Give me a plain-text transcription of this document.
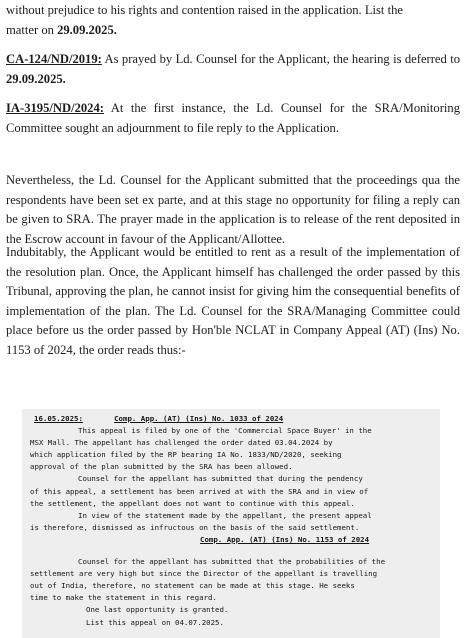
without prejudice to his rights and contention raised in the application. List the
matter on 29.09.2025.

CA-124/ND/2019: As prayed by Ld. Counsel for the Applicant, the hearing is deferred to 29.09.2025.

IA-3195/ND/2024: At the first instance, the Ld. Counsel for the SRA/Monitoring Committee sought an adjournment to file reply to the Application.

Nevertheless, the Ld. Counsel for the Applicant submitted that the proceedings qua the respondents have been set ex parte, and at this stage no opportunity for filing a reply can be given to SRA. The prayer made in the application is to release of the rent deposited in the Escrow account in favour of the Applicant/Allottee.

Indubitably, the Applicant would be entitled to rent as a result of the implementation of the resolution plan. Once, the Applicant himself has challenged the order passed by this Tribunal, approving the plan, he cannot insist for giving him the consequential benefits of implementation of the plan. The Ld. Counsel for the SRA/Managing Committee could place before us the order passed by Hon'ble NCLAT in Company Appeal (AT) (Ins) No. 1153 of 2024, the order reads thus:-

16.05.2025:	Comp. App. (AT) (Ins) No. 1033 of 2024
This appeal is filed by one of the 'Commercial Space Buyer' in the
MSX Mall. The appellant has challenged the order dated 03.04.2024 by
which application filed by the RP bearing IA No. 1833/ND/2020, seeking
approval of the plan submitted by the SRA has been allowed.
Counsel for the appellant has submitted that during the pendency
of this appeal, a settlement has been arrived at with the SRA and in view of
the settlement, the appellant does not want to continue with this appeal.
In view of the statement made by the appellant, the present appeal
is therefore, dismissed as infructous on the basis of the said settlement.
Comp. App. (AT) (Ins) No. 1153 of 2024
Counsel for the appellant has submitted that the probabilities of the
settlement are very high but since the Director of the appellant is travelling
out of India, therefore, no statement can be made at this stage. He seeks
time to make the statement in this regard.
One last opportunity is granted.
List this appeal on 04.07.2025.
